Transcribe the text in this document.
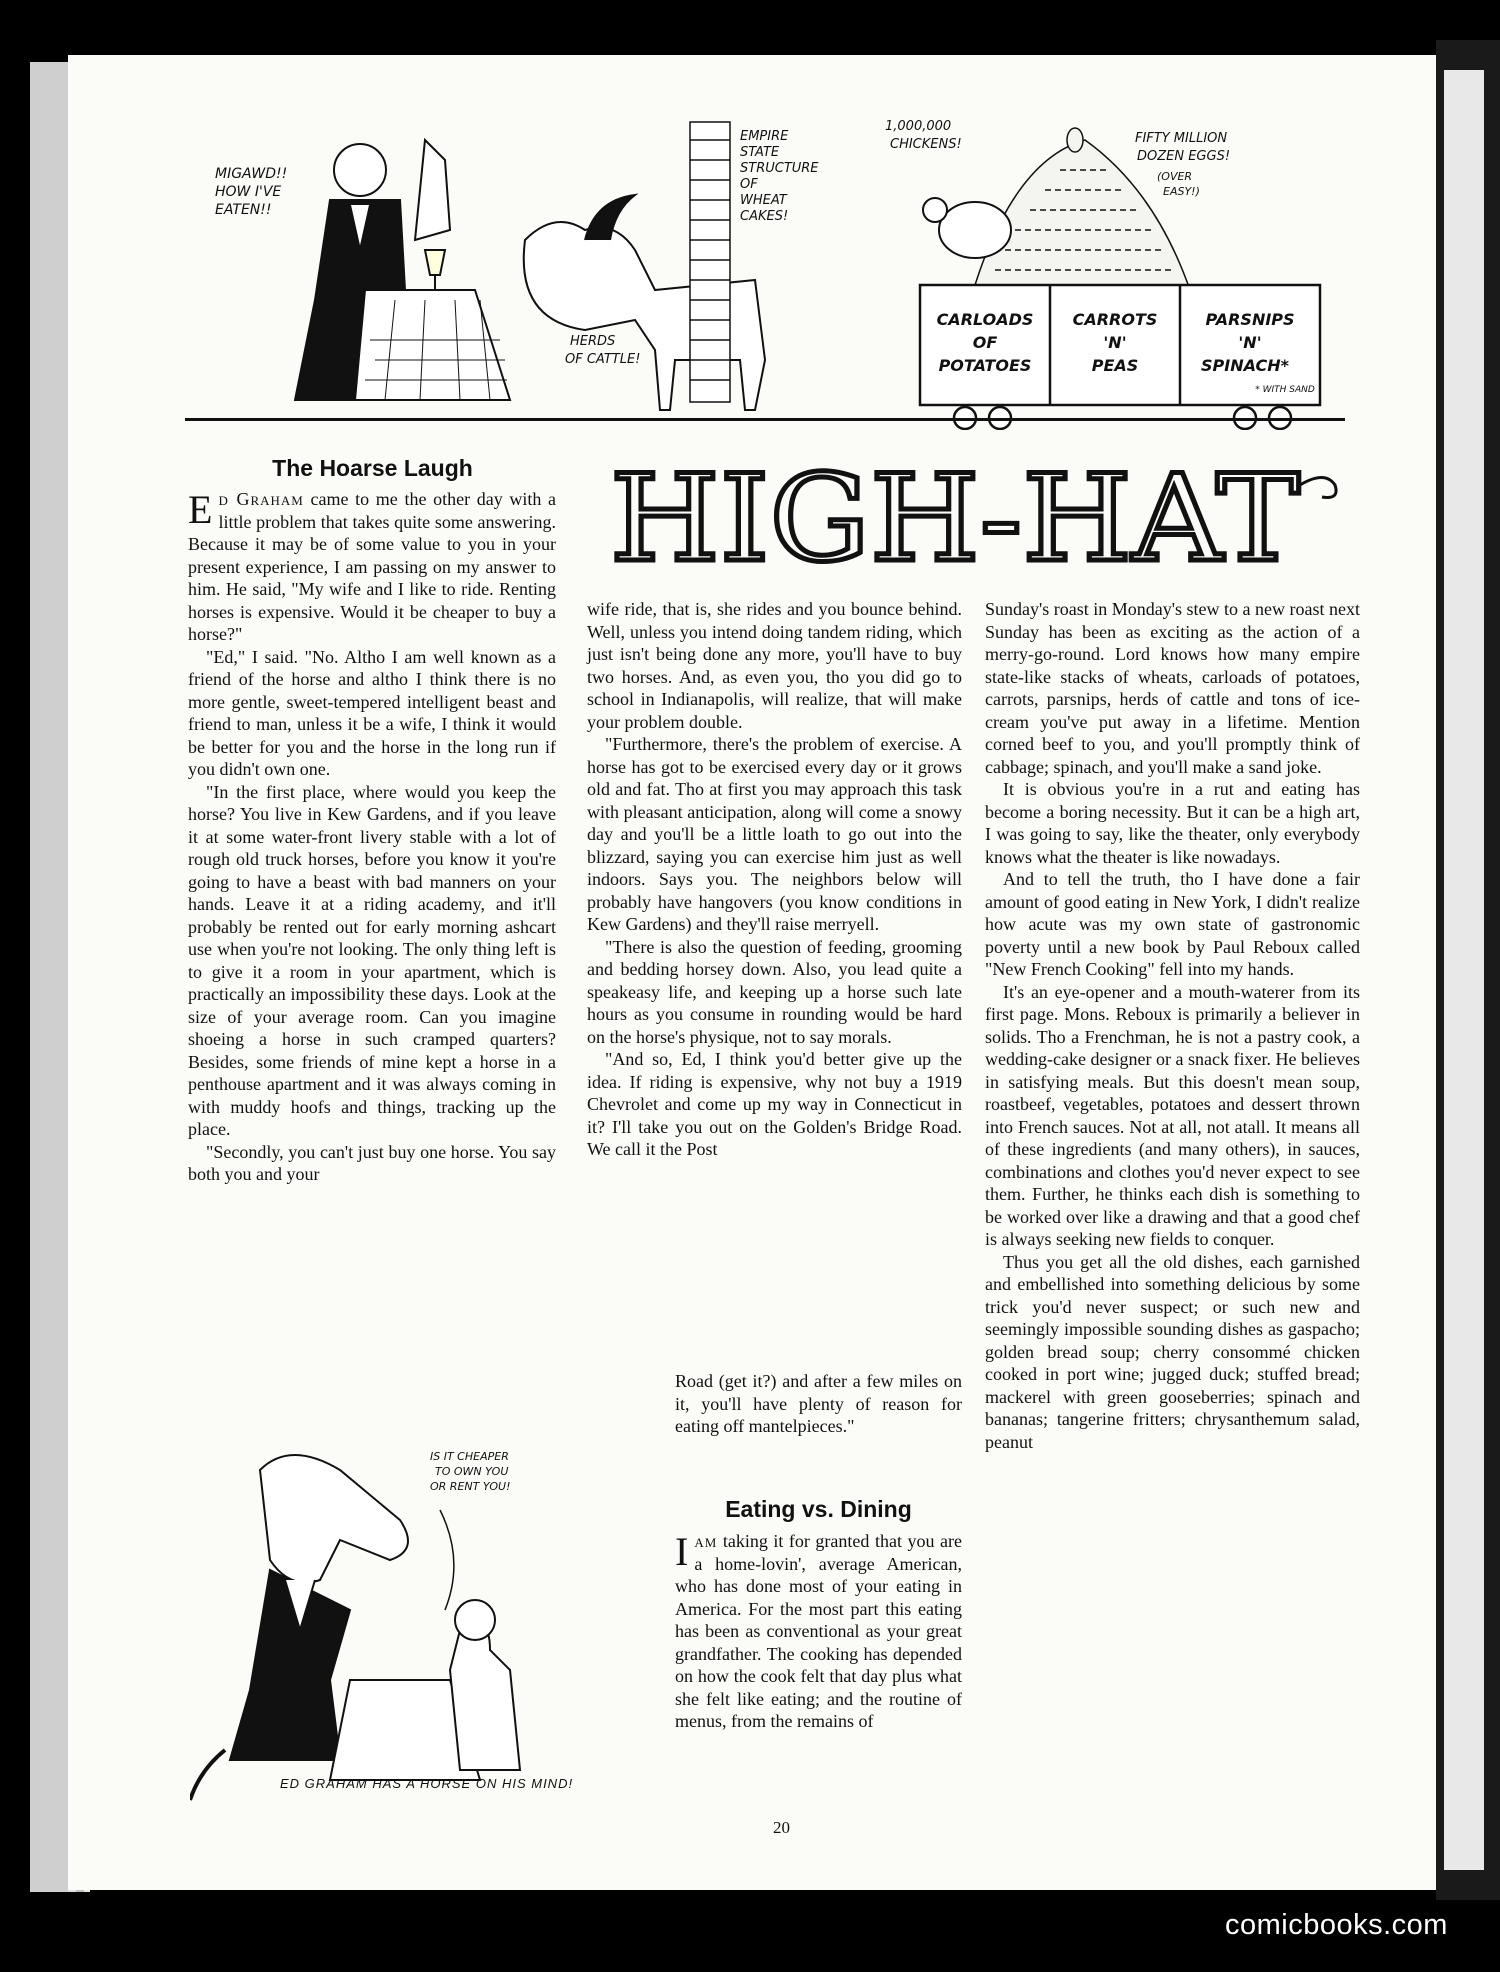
MIGAWD!!
HOW I'VE
EATEN!!
HERDS
OF CATTLE!
EMPIRE
STATE
STRUCTURE
OF
WHEAT
CAKES!
1,000,000
CHICKENS!	FIFTY MILLION
DOZEN EGGS!
(OVER
EASY!)
CARLOADS
OF
POTATOES
CARROTS
'N'
PEAS
PARSNIPS
'N'
SPINACH*
* WITH SAND
HIGH-HAT
The Hoarse Laugh

Ed Graham came to me the other day with a little problem that takes quite some answering. Because it may be of some value to you in your present experience, I am passing on my answer to him. He said, "My wife and I like to ride. Renting horses is expensive. Would it be cheaper to buy a horse?"

"Ed," I said. "No. Altho I am well known as a friend of the horse and altho I think there is no more gentle, sweet-tempered intelligent beast and friend to man, unless it be a wife, I think it would be better for you and the horse in the long run if you didn't own one.

"In the first place, where would you keep the horse? You live in Kew Gardens, and if you leave it at some water-front livery stable with a lot of rough old truck horses, before you know it you're going to have a beast with bad manners on your hands. Leave it at a riding academy, and it'll probably be rented out for early morning ashcart use when you're not looking. The only thing left is to give it a room in your apartment, which is practically an impossibility these days. Look at the size of your average room. Can you imagine shoeing a horse in such cramped quarters? Besides, some friends of mine kept a horse in a penthouse apartment and it was always coming in with muddy hoofs and things, tracking up the place.

"Secondly, you can't just buy one horse. You say both you and your

wife ride, that is, she rides and you bounce behind. Well, unless you intend doing tandem riding, which just isn't being done any more, you'll have to buy two horses. And, as even you, tho you did go to school in Indianapolis, will realize, that will make your problem double.

"Furthermore, there's the problem of exercise. A horse has got to be exercised every day or it grows old and fat. Tho at first you may approach this task with pleasant anticipation, along will come a snowy day and you'll be a little loath to go out into the blizzard, saying you can exercise him just as well indoors. Says you. The neighbors below will probably have hangovers (you know conditions in Kew Gardens) and they'll raise merryell.

"There is also the question of feeding, grooming and bedding horsey down. Also, you lead quite a speakeasy life, and keeping up a horse such late hours as you consume in rounding would be hard on the horse's physique, not to say morals.

"And so, Ed, I think you'd better give up the idea. If riding is expensive, why not buy a 1919 Chevrolet and come up my way in Connecticut in it? I'll take you out on the Golden's Bridge Road. We call it the Post

Road (get it?) and after a few miles on it, you'll have plenty of reason for eating off mantelpieces."

Eating vs. Dining

Iam taking it for granted that you are a home-lovin', average American, who has done most of your eating in America. For the most part this eating has been as conventional as your great grandfather. The cooking has depended on how the cook felt that day plus what she felt like eating; and the routine of menus, from the remains of

Sunday's roast in Monday's stew to a new roast next Sunday has been as exciting as the action of a merry-go-round. Lord knows how many empire state-like stacks of wheats, carloads of potatoes, carrots, parsnips, herds of cattle and tons of ice-cream you've put away in a lifetime. Mention corned beef to you, and you'll promptly think of cabbage; spinach, and you'll make a sand joke.

It is obvious you're in a rut and eating has become a boring necessity. But it can be a high art, I was going to say, like the theater, only everybody knows what the theater is like nowadays.

And to tell the truth, tho I have done a fair amount of good eating in New York, I didn't realize how acute was my own state of gastronomic poverty until a new book by Paul Reboux called "New French Cooking" fell into my hands.

It's an eye-opener and a mouth-waterer from its first page. Mons. Reboux is primarily a believer in solids. Tho a Frenchman, he is not a pastry cook, a wedding-cake designer or a snack fixer. He believes in satisfying meals. But this doesn't mean soup, roastbeef, vegetables, potatoes and dessert thrown into French sauces. Not at all, not atall. It means all of these ingredients (and many others), in sauces, combinations and clothes you'd never expect to see them. Further, he thinks each dish is something to be worked over like a drawing and that a good chef is always seeking new fields to conquer.

Thus you get all the old dishes, each garnished and embellished into something delicious by some trick you'd never suspect; or such new and seemingly impossible sounding dishes as gaspacho; golden bread soup; cherry consommé chicken cooked in port wine; jugged duck; stuffed bread; mackerel with green gooseberries; spinach and bananas; tangerine fritters; chrysanthemum salad, peanut

IS IT CHEAPER
TO OWN YOU
OR RENT YOU!
ED GRAHAM HAS A HORSE ON HIS MIND!
20
comicbooks.com
